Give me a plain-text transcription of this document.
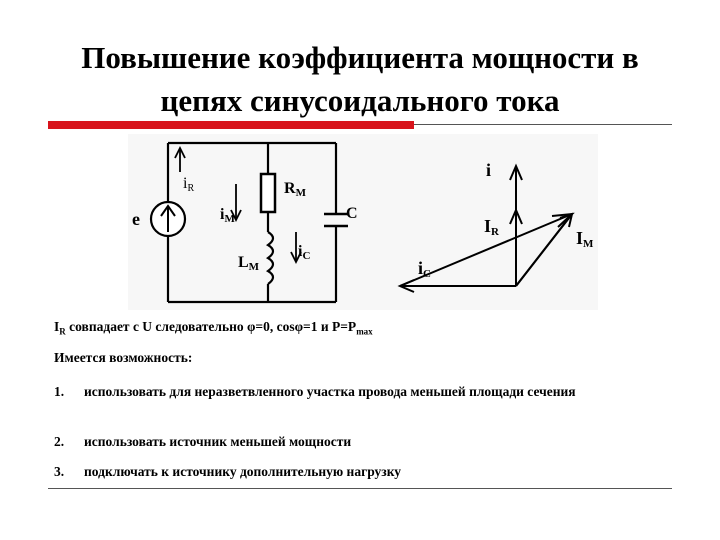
Повышение коэффициента мощности в
цепях синусоидального тока
iR
e
RM
iM	C
LM
iC
i
IR	IM
iC
$I_R$ совпадает с U следовательно φ=0, cosφ=1 и $P=P_{max}$
Имеется возможность:
1. использовать для неразветвленного участка провода меньшей площади сечения
2. использовать источник меньшей мощности
3. подключать к источнику дополнительную нагрузку
